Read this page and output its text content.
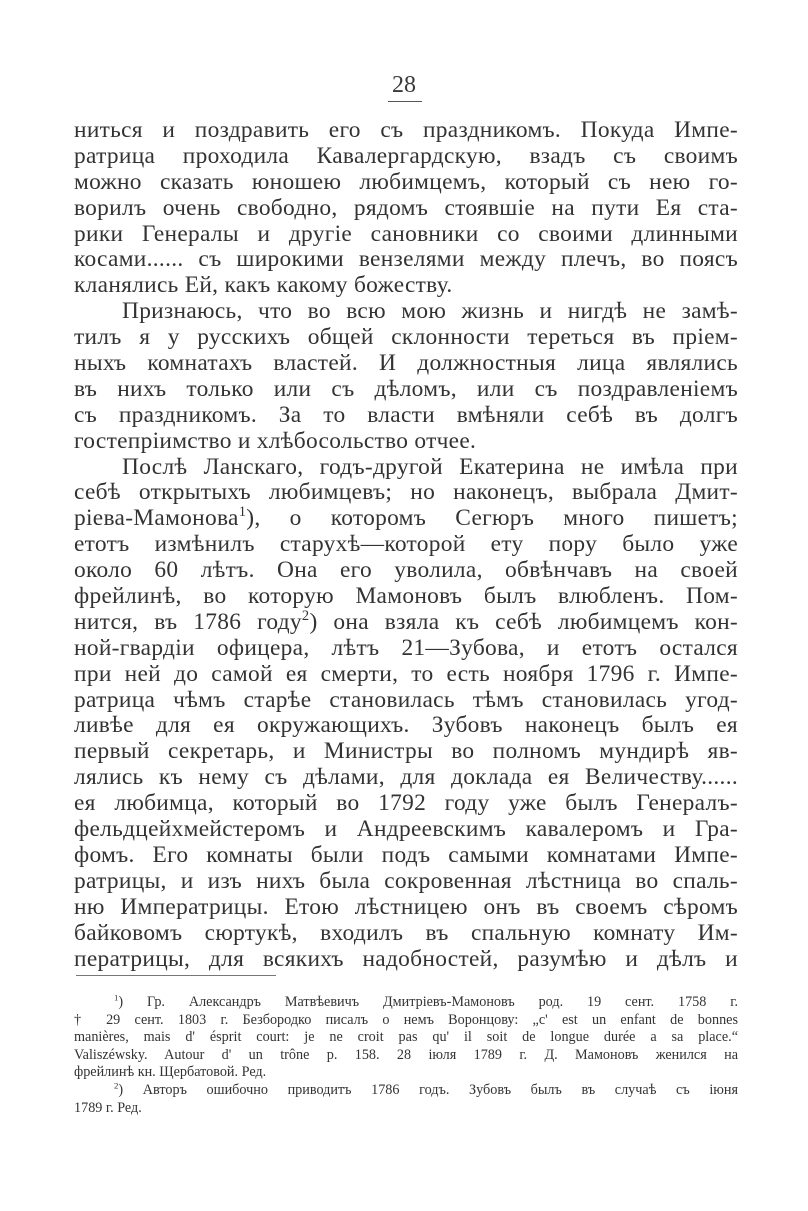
28
ниться и поздравить его съ праздникомъ. Покуда Импе-
ратрица проходила Кавалергардскую, взадъ съ своимъ
можно сказать юношею любимцемъ, который съ нею го-
ворилъ очень свободно, рядомъ стоявшіе на пути Ея ста-
рики Генералы и другіе сановники со своими длинными
косами...... съ широкими вензелями между плечъ, во поясъ
кланялись Ей, какъ какому божеству.
Признаюсь, что во всю мою жизнь и нигдѣ не замѣ-
тилъ я у русскихъ общей склонности тереться въ пріем-
ныхъ комнатахъ властей. И должностныя лица являлись
въ нихъ только или съ дѣломъ, или съ поздравленіемъ
съ праздникомъ. За то власти вмѣняли себѣ въ долгъ
гостепріимство и хлѣбосольство отчее.
Послѣ Ланскаго, годъ-другой Екатерина не имѣла при
себѣ открытыхъ любимцевъ; но наконецъ, выбрала Дмит-
ріева-Мамонова$^1$), о которомъ Сегюръ много пишетъ;
етотъ измѣнилъ старухѣ—которой ету пору было уже
около 60 лѣтъ. Она его уволила, обвѣнчавъ на своей
фрейлинѣ, во которую Мамоновъ былъ влюбленъ. Пом-
нится, въ 1786 году$^2$) она взяла къ себѣ любимцемъ кон-
ной-гвардіи офицера, лѣтъ 21—Зубова, и етотъ остался
при ней до самой ея смерти, то есть ноября 1796 г. Импе-
ратрица чѣмъ старѣе становилась тѣмъ становилась угод-
ливѣе для ея окружающихъ. Зубовъ наконецъ былъ ея
первый секретарь, и Министры во полномъ мундирѣ яв-
лялись къ нему съ дѣлами, для доклада ея Величеству......
ея любимца, который во 1792 году уже былъ Генералъ-
фельдцейхмейстеромъ и Андреевскимъ кавалеромъ и Гра-
фомъ. Его комнаты были подъ самыми комнатами Импе-
ратрицы, и изъ нихъ была сокровенная лѣстница во спаль-
ню Императрицы. Етою лѣстницею онъ въ своемъ сѣромъ
байковомъ сюртукѣ, входилъ въ спальную комнату Им-
ператрицы, для всякихъ надобностей, разумѣю и дѣлъ и
$^1$) Гр. Александръ Матвѣевичъ Дмитріевъ-Мамоновъ род. 19 сент. 1758 г.
† 29 сент. 1803 г. Безбородко писалъ о немъ Воронцову: „c' est un enfant de bonnes
manières, mais d' ésprit court: je ne croit pas qu' il soit de longue durée a sa place.“
Valiszéwsky. Autour d' un trône p. 158. 28 іюля 1789 г. Д. Мамоновъ женился на
фрейлинѣ кн. Щербатовой. Ред.
$^2$) Авторъ ошибочно приводитъ 1786 годъ. Зубовъ былъ въ случаѣ съ іюня
1789 г. Ред.
